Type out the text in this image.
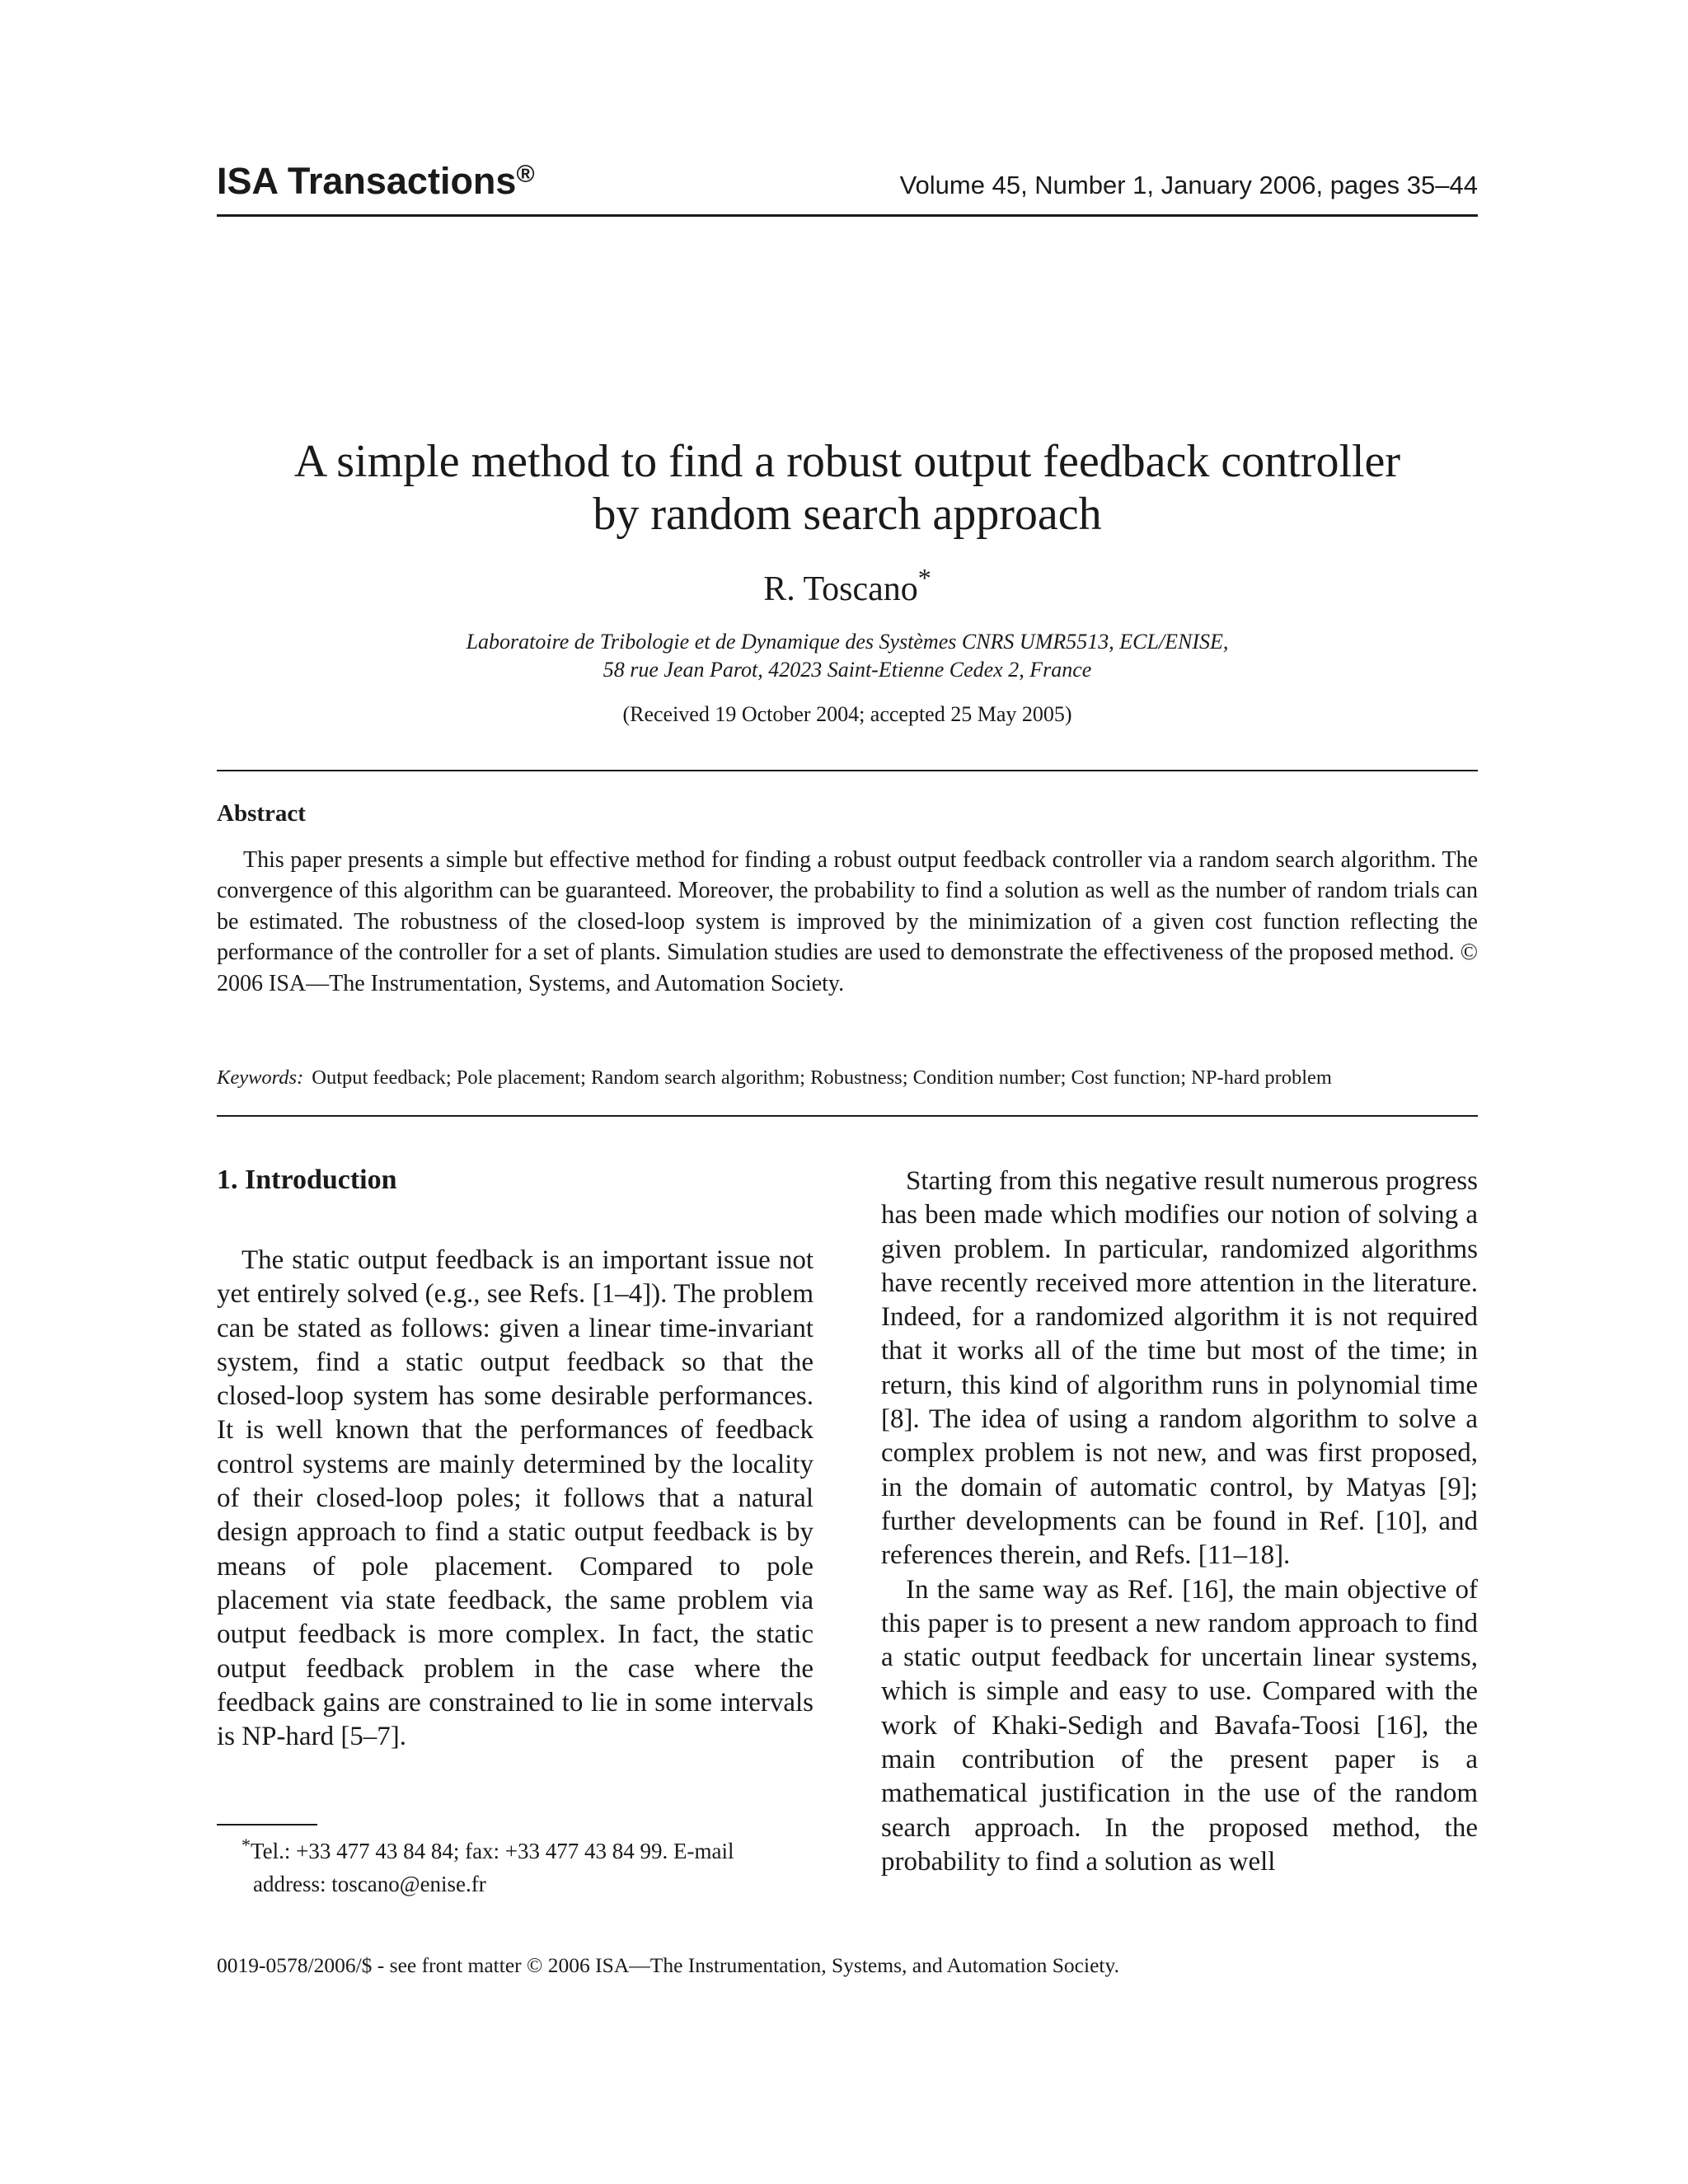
ISA Transactions®	Volume 45, Number 1, January 2006, pages 35–44
A simple method to find a robust output feedback controller
by random search approach
R. Toscano*
Laboratoire de Tribologie et de Dynamique des Systèmes CNRS UMR5513, ECL/ENISE,
58 rue Jean Parot, 42023 Saint-Etienne Cedex 2, France
(Received 19 October 2004; accepted 25 May 2005)
Abstract

This paper presents a simple but effective method for finding a robust output feedback controller via a random search algorithm. The convergence of this algorithm can be guaranteed. Moreover, the probability to find a solution as well as the number of random trials can be estimated. The robustness of the closed-loop system is improved by the minimization of a given cost function reflecting the performance of the controller for a set of plants. Simulation studies are used to demonstrate the effectiveness of the proposed method. © 2006 ISA—The Instrumentation, Systems, and Automation Society.

Keywords: Output feedback; Pole placement; Random search algorithm; Robustness; Condition number; Cost function; NP-hard problem
1. Introduction

The static output feedback is an important issue not yet entirely solved (e.g., see Refs. [1–4]). The problem can be stated as follows: given a linear time-invariant system, find a static output feedback so that the closed-loop system has some desirable performances. It is well known that the performances of feedback control systems are mainly determined by the locality of their closed-loop poles; it follows that a natural design approach to find a static output feedback is by means of pole placement. Compared to pole placement via state feedback, the same problem via output feedback is more complex. In fact, the static output feedback problem in the case where the feedback gains are constrained to lie in some intervals is NP-hard [5–7].

Starting from this negative result numerous progress has been made which modifies our notion of solving a given problem. In particular, randomized algorithms have recently received more attention in the literature. Indeed, for a randomized algorithm it is not required that it works all of the time but most of the time; in return, this kind of algorithm runs in polynomial time [8]. The idea of using a random algorithm to solve a complex problem is not new, and was first proposed, in the domain of automatic control, by Matyas [9]; further developments can be found in Ref. [10], and references therein, and Refs. [11–18].

In the same way as Ref. [16], the main objective of this paper is to present a new random approach to find a static output feedback for uncertain linear systems, which is simple and easy to use. Compared with the work of Khaki-Sedigh and Bavafa-Toosi [16], the main contribution of the present paper is a mathematical justification in the use of the random search approach. In the proposed method, the probability to find a solution as well

*Tel.: +33 477 43 84 84; fax: +33 477 43 84 99. E-mail
address: toscano@enise.fr
0019-0578/2006/$ - see front matter © 2006 ISA—The Instrumentation, Systems, and Automation Society.
